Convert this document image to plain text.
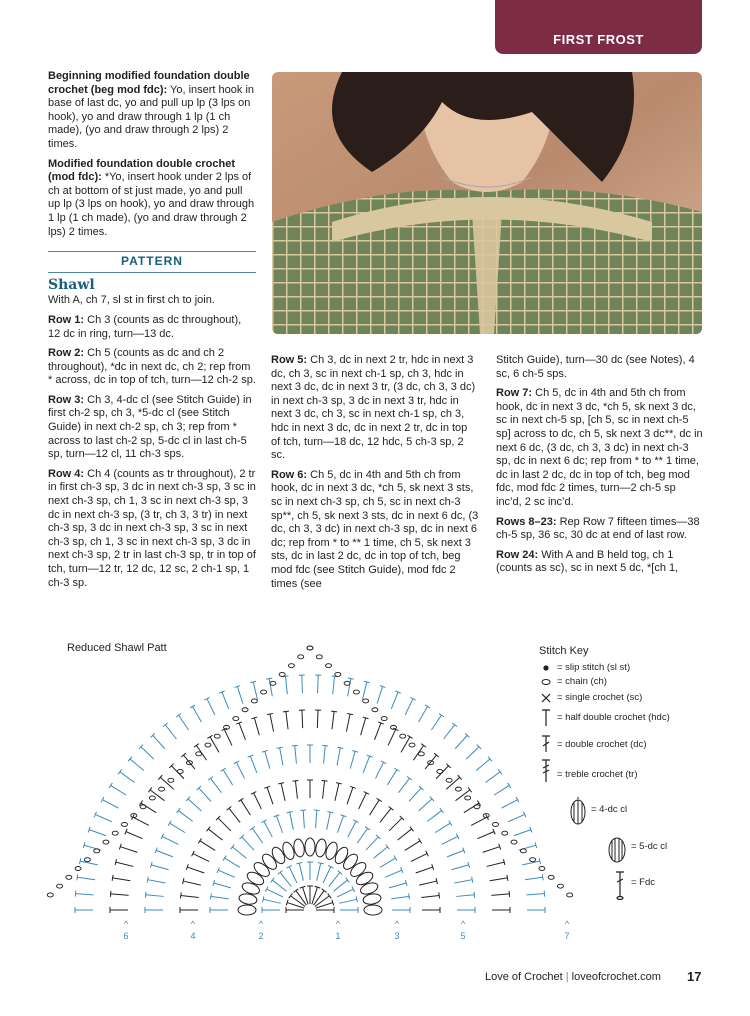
FIRST FROST

Beginning modified foundation double crochet (beg mod fdc): Yo, insert hook in base of last dc, yo and pull up lp (3 lps on hook), yo and draw through 1 lp (1 ch made), (yo and draw through 2 lps) 2 times.

Modified foundation double crochet (mod fdc): *Yo, insert hook under 2 lps of ch at bottom of st just made, yo and pull up lp (3 lps on hook), yo and draw through 1 lp (1 ch made), (yo and draw through 2 lps) 2 times.

PATTERN
Shawl

With A, ch 7, sl st in first ch to join.

Row 1: Ch 3 (counts as dc throughout), 12 dc in ring, turn—13 dc.

Row 2: Ch 5 (counts as dc and ch 2 throughout), *dc in next dc, ch 2; rep from * across, dc in top of tch, turn—12 ch-2 sp.

Row 3: Ch 3, 4-dc cl (see Stitch Guide) in first ch-2 sp, ch 3, *5-dc cl (see Stitch Guide) in next ch-2 sp, ch 3; rep from * across to last ch-2 sp, 5-dc cl in last ch-5 sp, turn—12 cl, 11 ch-3 sps.

Row 4: Ch 4 (counts as tr throughout), 2 tr in first ch-3 sp, 3 dc in next ch-3 sp, 3 sc in next ch-3 sp, ch 1, 3 sc in next ch-3 sp, 3 dc in next ch-3 sp, (3 tr, ch 3, 3 tr) in next ch-3 sp, 3 dc in next ch-3 sp, 3 sc in next ch-3 sp, ch 1, 3 sc in next ch-3 sp, 3 dc in next ch-3 sp, 2 tr in last ch-3 sp, tr in top of tch, turn—12 tr, 12 dc, 12 sc, 2 ch-1 sp, 1 ch-3 sp.

Row 5: Ch 3, dc in next 2 tr, hdc in next 3 dc, ch 3, sc in next ch-1 sp, ch 3, hdc in next 3 dc, dc in next 3 tr, (3 dc, ch 3, 3 dc) in next ch-3 sp, 3 dc in next 3 tr, hdc in next 3 dc, ch 3, sc in next ch-1 sp, ch 3, hdc in next 3 dc, dc in next 2 tr, dc in top of tch, turn—18 dc, 12 hdc, 5 ch-3 sp, 2 sc.

Row 6: Ch 5, dc in 4th and 5th ch from hook, dc in next 3 dc, *ch 5, sk next 3 sts, sc in next ch-3 sp, ch 5, sc in next ch-3 sp**, ch 5, sk next 3 sts, dc in next 6 dc, (3 dc, ch 3, 3 dc) in next ch-3 sp, dc in next 6 dc; rep from * to ** 1 time, ch 5, sk next 3 sts, dc in last 2 dc, dc in top of tch, beg mod fdc (see Stitch Guide), mod fdc 2 times (see

Stitch Guide), turn—30 dc (see Notes), 4 sc, 6 ch-5 sps.

Row 7: Ch 5, dc in 4th and 5th ch from hook, dc in next 3 dc, *ch 5, sk next 3 dc, sc in next ch-5 sp, [ch 5, sc in next ch-5 sp] across to dc, ch 5, sk next 3 dc**, dc in next 6 dc, (3 dc, ch 3, 3 dc) in next ch-3 sp, dc in next 6 dc; rep from * to ** 1 time, dc in last 2 dc, dc in top of tch, beg mod fdc, mod fdc 2 times, turn—2 ch-5 sp inc’d, 2 sc inc’d.

Rows 8–23: Rep Row 7 fifteen times—38 ch-5 sp, 36 sc, 30 dc at end of last row.

Row 24: With A and B held tog, ch 1 (counts as sc), sc in next 5 dc, *[ch 1,

Reduced Shawl Patt
^
6
^
4
^
2
^
1
^
3
^
5
^
7
Stitch Key
= slip stitch (sl st)
= chain (ch)
= single crochet (sc)
= half double crochet (hdc)
= double crochet (dc)
= treble crochet (tr)
= 4-dc cl
= 5-dc cl
= Fdc
Love of Crochet | loveofcrochet.com 17
